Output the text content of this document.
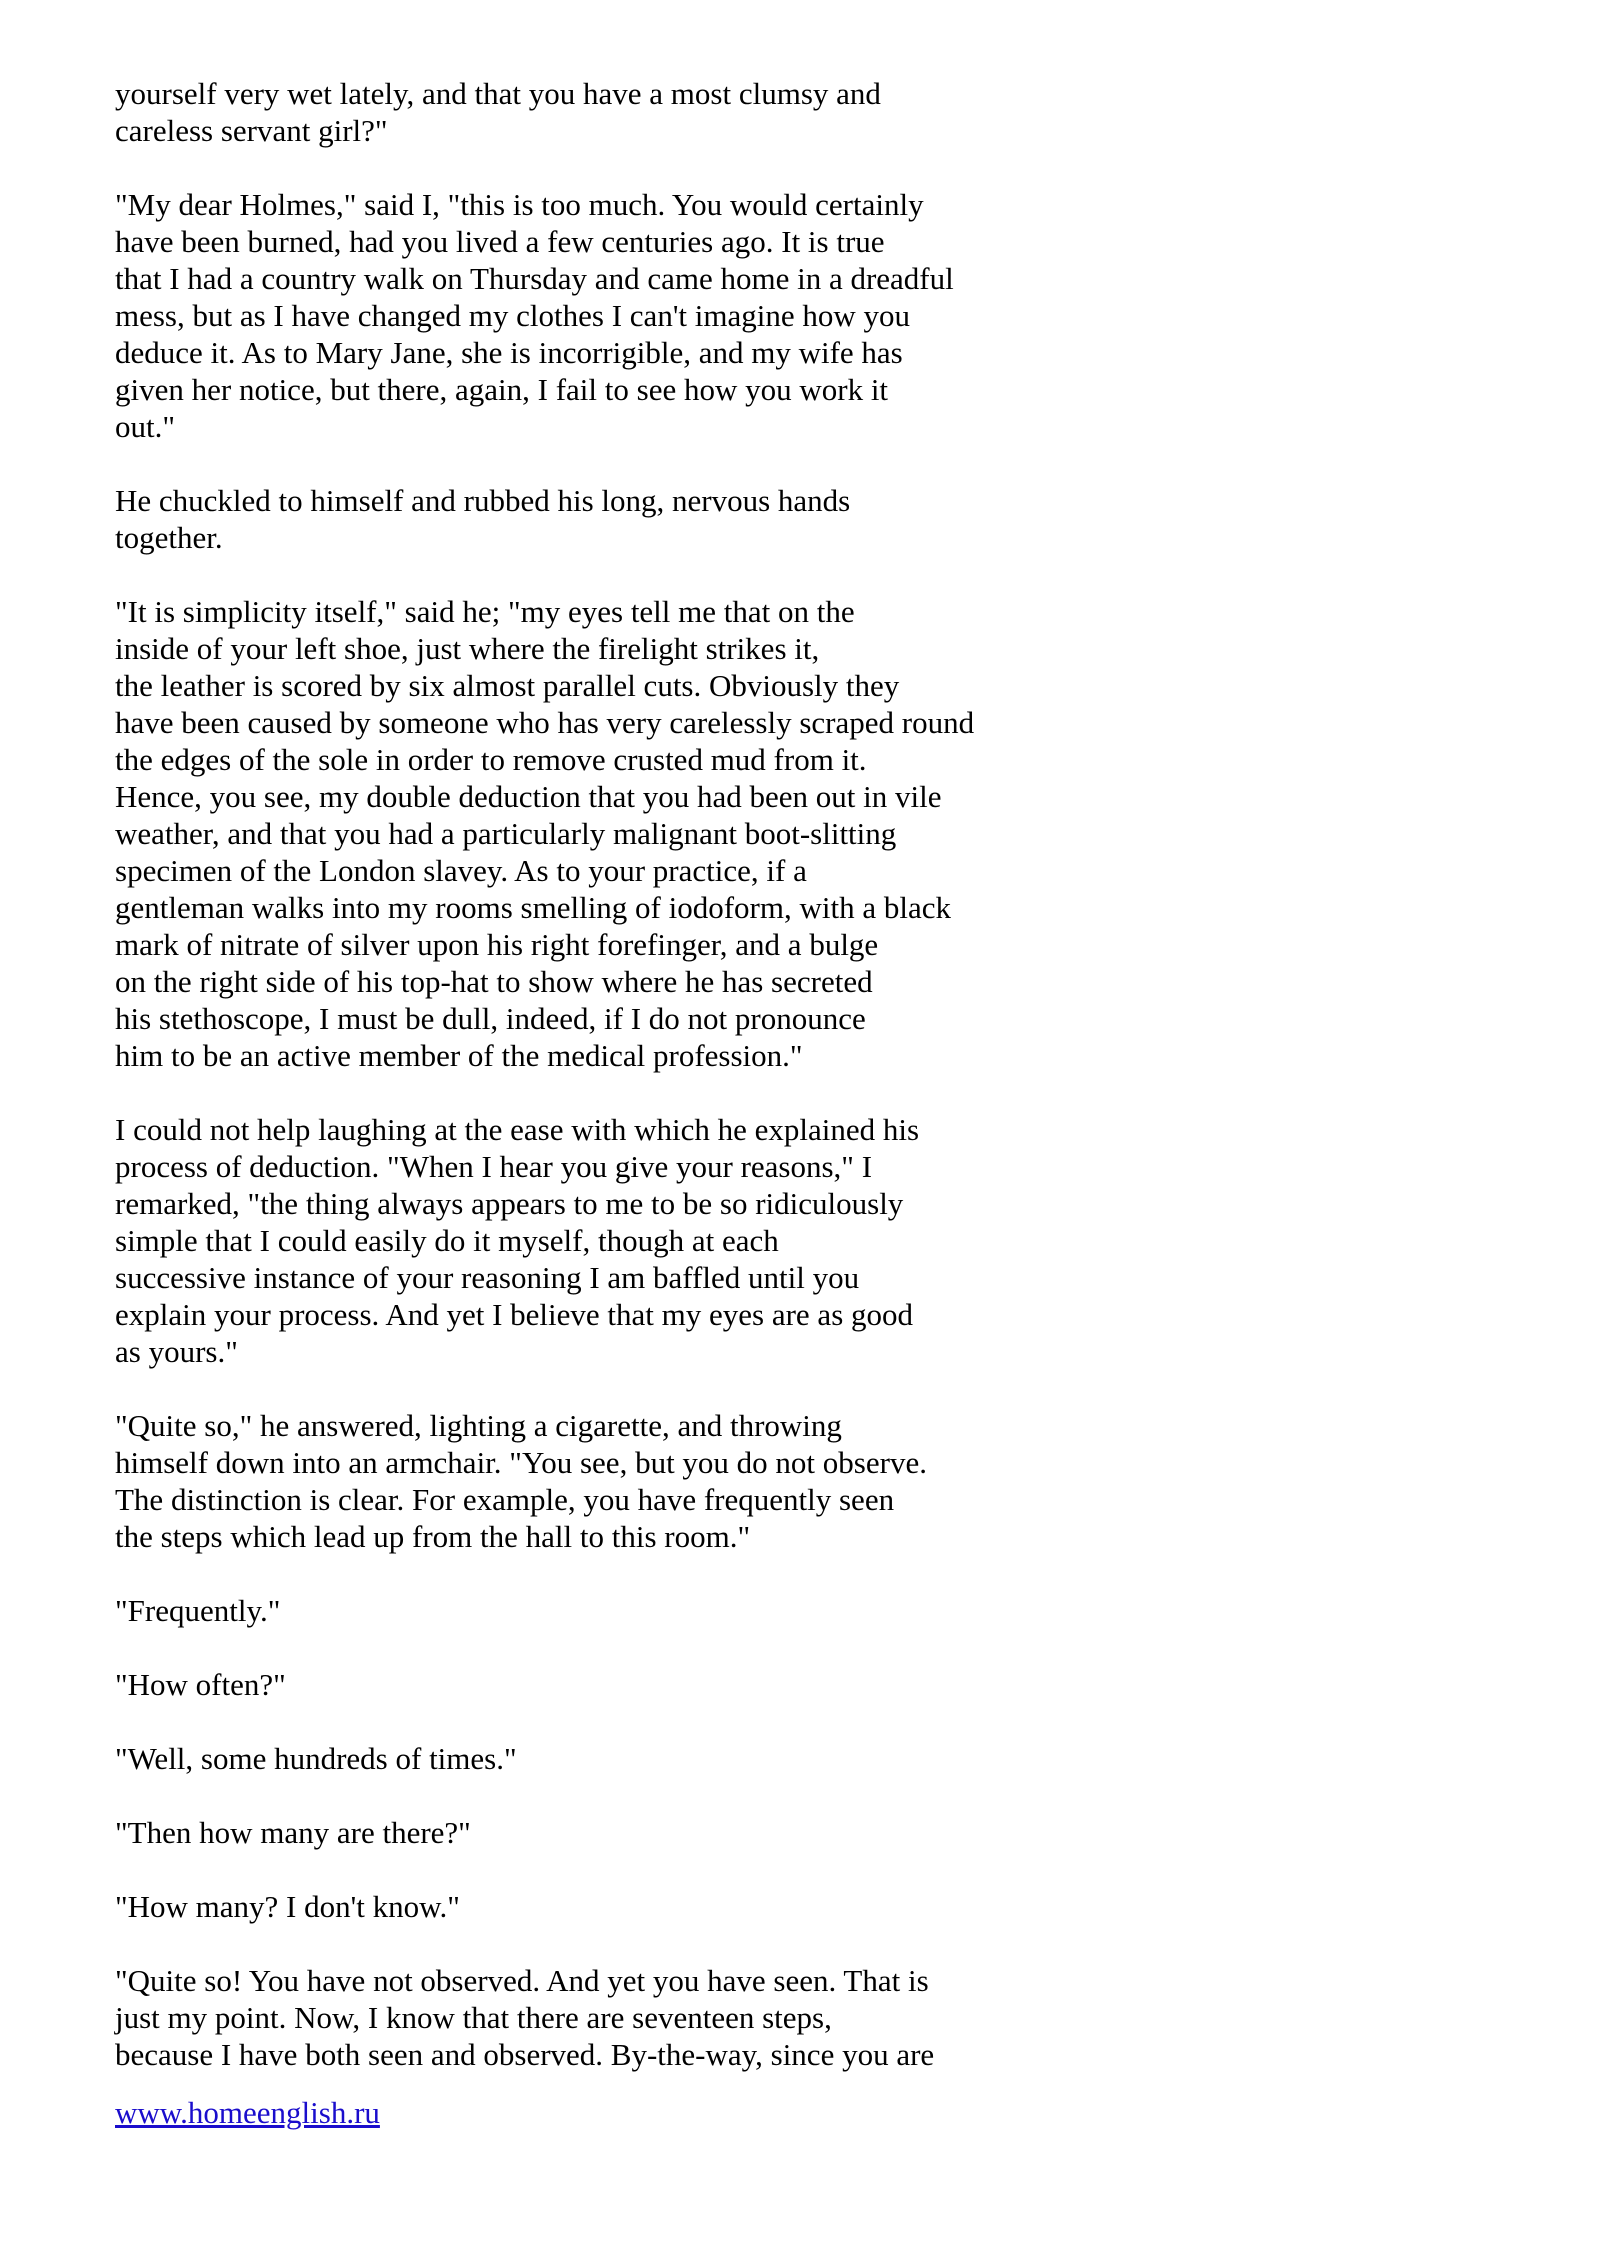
yourself very wet lately, and that you have a most clumsy and
careless servant girl?"
"My dear Holmes," said I, "this is too much. You would certainly
have been burned, had you lived a few centuries ago. It is true
that I had a country walk on Thursday and came home in a dreadful
mess, but as I have changed my clothes I can't imagine how you
deduce it. As to Mary Jane, she is incorrigible, and my wife has
given her notice, but there, again, I fail to see how you work it
out."
He chuckled to himself and rubbed his long, nervous hands
together.
"It is simplicity itself," said he; "my eyes tell me that on the
inside of your left shoe, just where the firelight strikes it,
the leather is scored by six almost parallel cuts. Obviously they
have been caused by someone who has very carelessly scraped round
the edges of the sole in order to remove crusted mud from it.
Hence, you see, my double deduction that you had been out in vile
weather, and that you had a particularly malignant boot-slitting
specimen of the London slavey. As to your practice, if a
gentleman walks into my rooms smelling of iodoform, with a black
mark of nitrate of silver upon his right forefinger, and a bulge
on the right side of his top-hat to show where he has secreted
his stethoscope, I must be dull, indeed, if I do not pronounce
him to be an active member of the medical profession."
I could not help laughing at the ease with which he explained his
process of deduction. "When I hear you give your reasons," I
remarked, "the thing always appears to me to be so ridiculously
simple that I could easily do it myself, though at each
successive instance of your reasoning I am baffled until you
explain your process. And yet I believe that my eyes are as good
as yours."
"Quite so," he answered, lighting a cigarette, and throwing
himself down into an armchair. "You see, but you do not observe.
The distinction is clear. For example, you have frequently seen
the steps which lead up from the hall to this room."
"Frequently."
"How often?"
"Well, some hundreds of times."
"Then how many are there?"
"How many? I don't know."
"Quite so! You have not observed. And yet you have seen. That is
just my point. Now, I know that there are seventeen steps,
because I have both seen and observed. By-the-way, since you are
www.homeenglish.ru
